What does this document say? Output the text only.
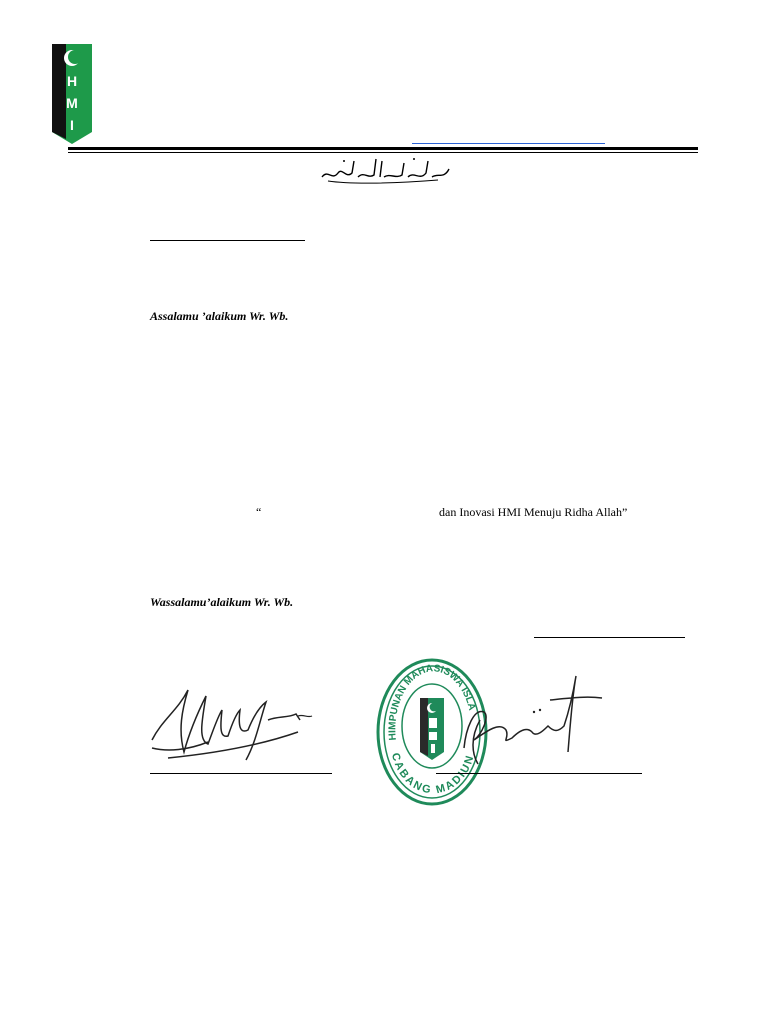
H
M
I
Assalamu ’alaikum Wr. Wb.
“	dan Inovasi HMI Menuju Ridha Allah”
Wassalamu’alaikum Wr. Wb.
HIMPUNAN MAHASISWA ISLA
CABANG MADIUN
